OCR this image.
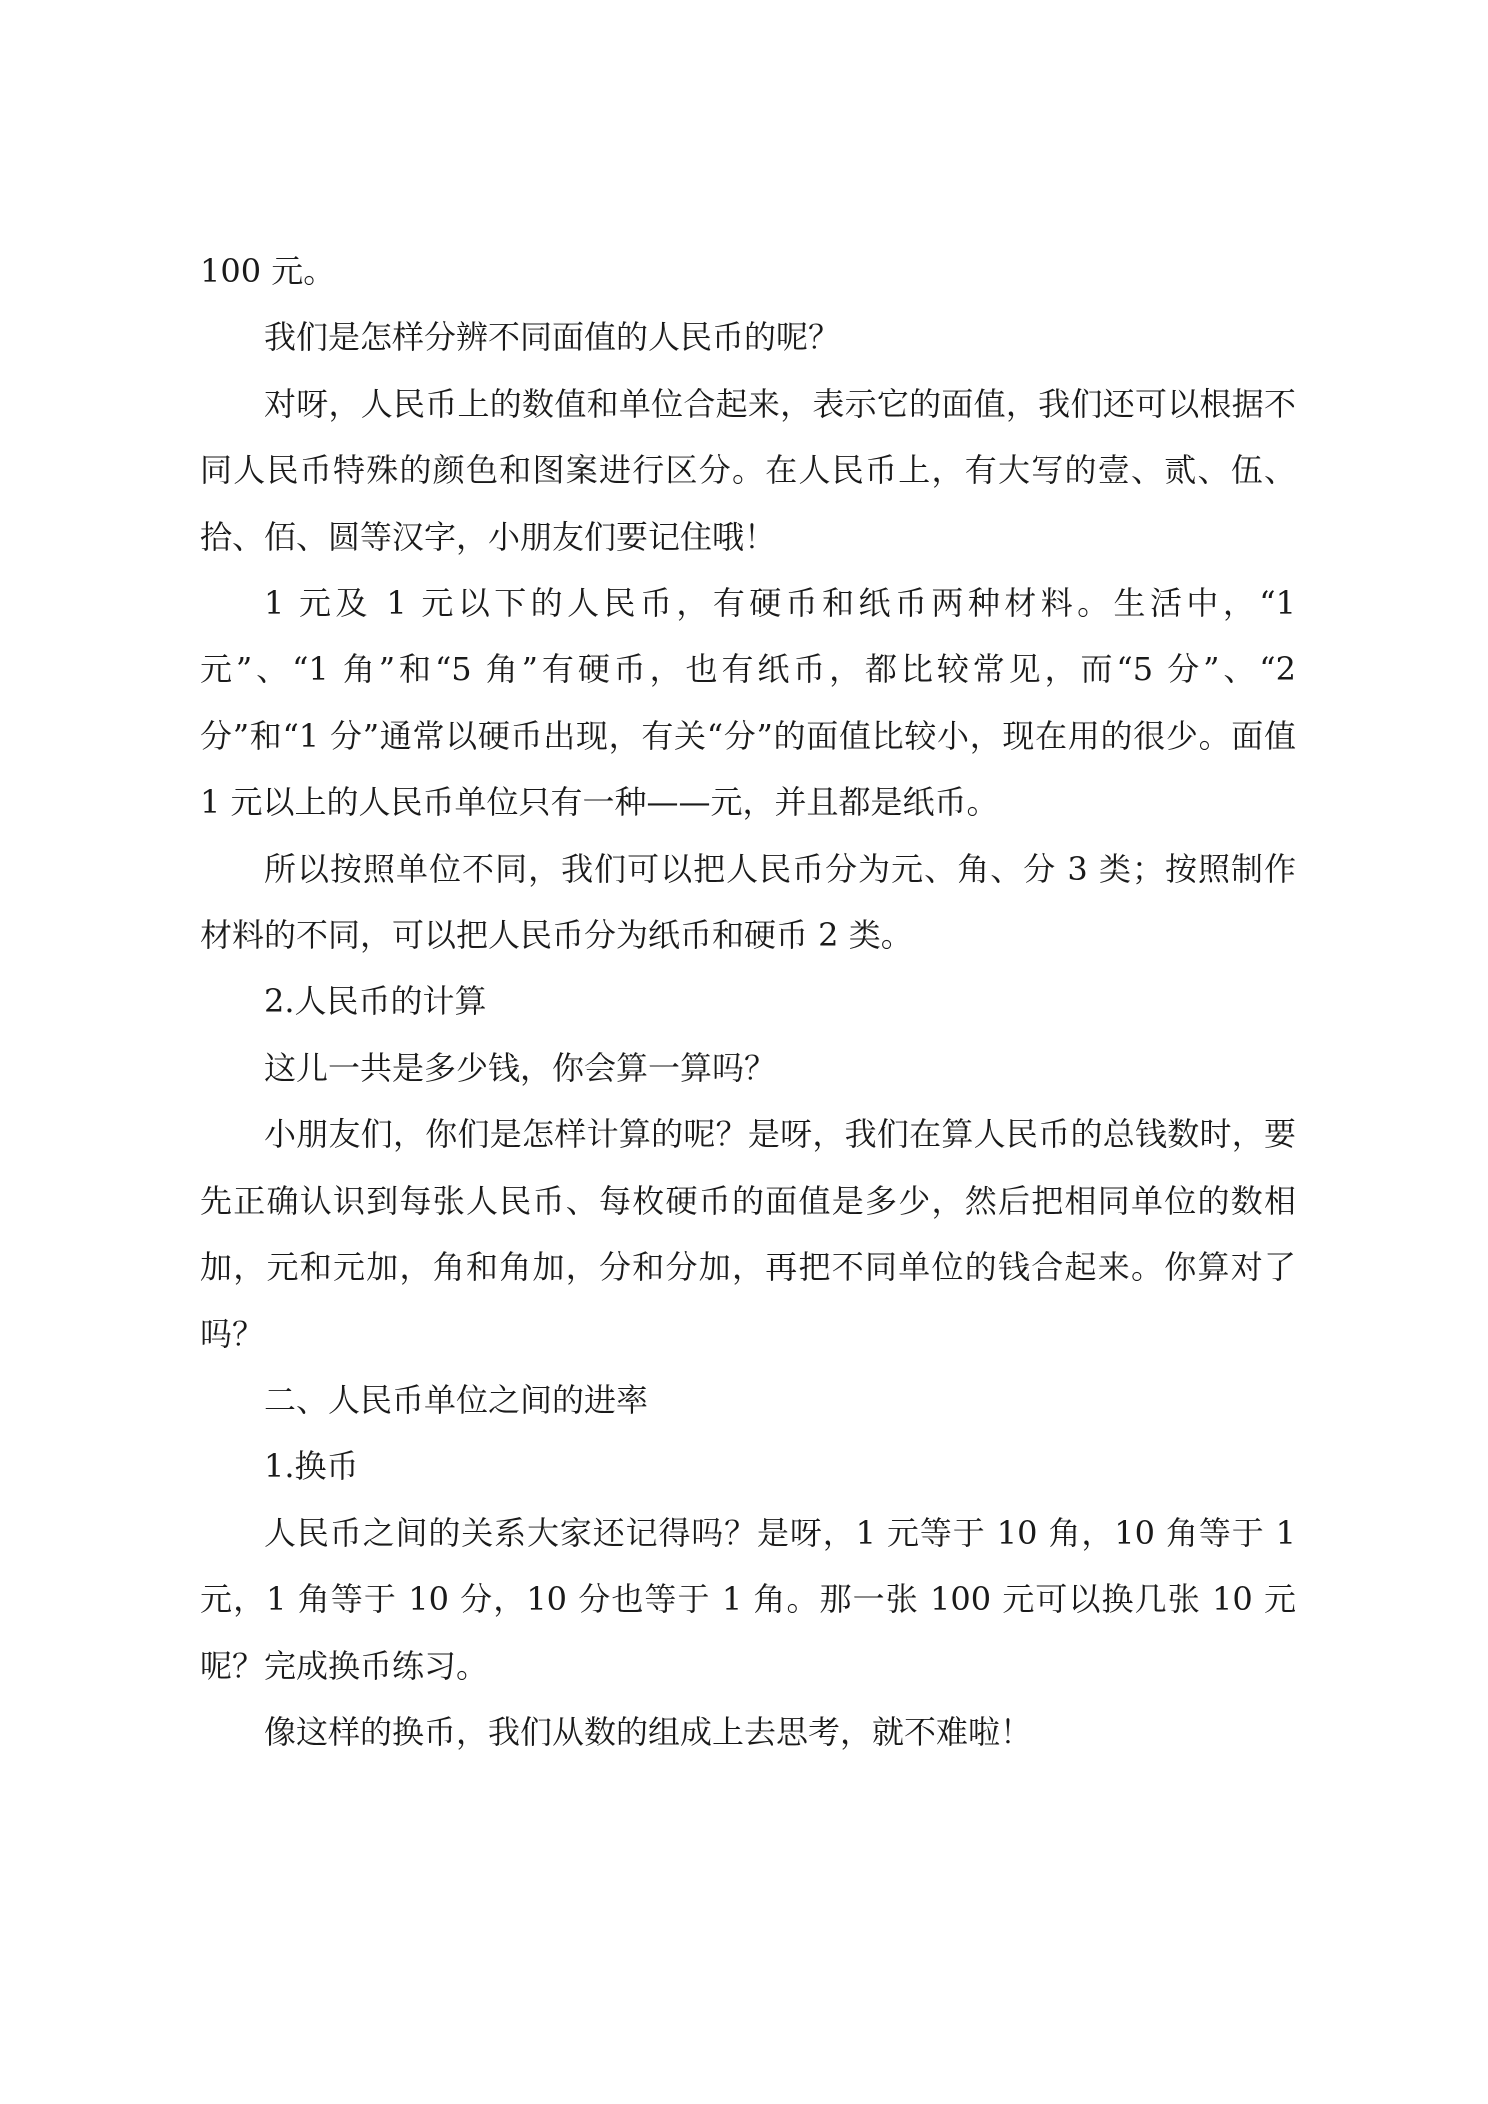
100 元。

我们是怎样分辨不同面值的人民币的呢？

对呀，人民币上的数值和单位合起来，表示它的面值，我们还可以根据不同人民币特殊的颜色和图案进行区分。在人民币上，有大写的壹、贰、伍、拾、佰、圆等汉字，小朋友们要记住哦！

1 元及 1 元以下的人民币，有硬币和纸币两种材料。生活中，“1 元”、“1 角”和“5 角”有硬币，也有纸币，都比较常见，而“5 分”、“2 分”和“1 分”通常以硬币出现，有关“分”的面值比较小，现在用的很少。面值 1 元以上的人民币单位只有一种——元，并且都是纸币。

所以按照单位不同，我们可以把人民币分为元、角、分 3 类；按照制作材料的不同，可以把人民币分为纸币和硬币 2 类。

2.人民币的计算

这儿一共是多少钱，你会算一算吗？

小朋友们，你们是怎样计算的呢？是呀，我们在算人民币的总钱数时，要先正确认识到每张人民币、每枚硬币的面值是多少，然后把相同单位的数相加，元和元加，角和角加，分和分加，再把不同单位的钱合起来。你算对了吗？

二、人民币单位之间的进率

1.换币

人民币之间的关系大家还记得吗？是呀，1 元等于 10 角，10 角等于 1 元，1 角等于 10 分，10 分也等于 1 角。那一张 100 元可以换几张 10 元呢？完成换币练习。

像这样的换币，我们从数的组成上去思考，就不难啦！
